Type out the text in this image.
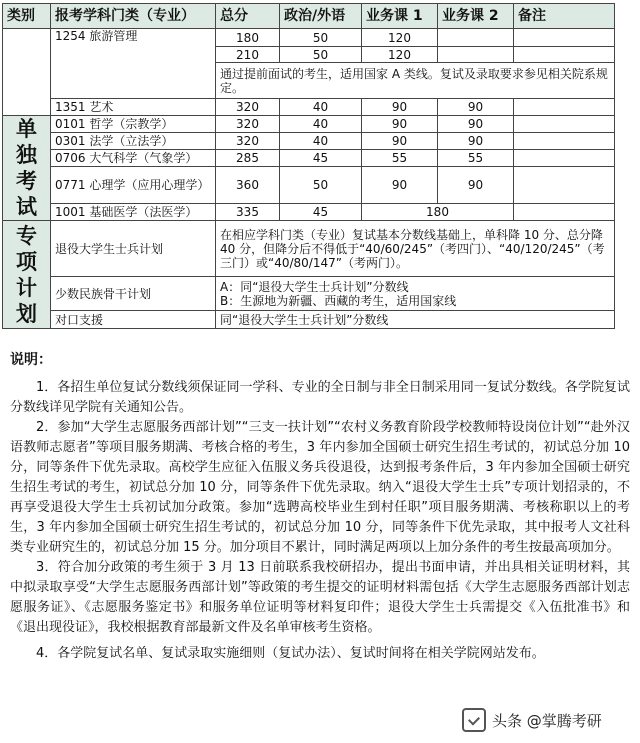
类别	报考学科门类（专业）	总分	政治/外语	业务课 1	业务课 2	备注
	1254 旅游管理	180	50	120		
		210	50	120		
		通过提前面试的考生，适用国家 A 类线。复试及录取要求参见相关院系规定。				
	1351 艺术	320	40	90	90	
单独考试	0101 哲学（宗教学）	320	40	90	90	
	0301 法学（立法学）	320	40	90	90	
	0706 大气科学（气象学）	285	45	55	55	
	0771 心理学（应用心理学）	360	50	90	90	
	1001 基础医学（法医学）	335	45	180		
专项计划	退役大学生士兵计划	在相应学科门类（专业）复试基本分数线基础上，单科降 10 分、总分降 40 分，但降分后不得低于“40/60/245”（考四门）、“40/120/245”（考三门）或“40/80/147”（考两门）。				
	少数民族骨干计划	A：同“退役大学生士兵计划”分数线
B：生源地为新疆、西藏的考生，适用国家线				

	对口支援	同“退役大学生士兵计划”分数线				
说明：

1．各招生单位复试分数线须保证同一学科、专业的全日制与非全日制采用同一复试分数线。各学院复试分数线详见学院有关通知公告。

2．参加“大学生志愿服务西部计划”“三支一扶计划”“农村义务教育阶段学校教师特设岗位计划”“赴外汉语教师志愿者”等项目服务期满、考核合格的考生，3 年内参加全国硕士研究生招生考试的，初试总分加 10 分，同等条件下优先录取。高校学生应征入伍服义务兵役退役，达到报考条件后，3 年内参加全国硕士研究生招生考试的考生，初试总分加 10 分，同等条件下优先录取。纳入“退役大学生士兵”专项计划招录的，不再享受退役大学生士兵初试加分政策。参加“选聘高校毕业生到村任职”项目服务期满、考核称职以上的考生，3 年内参加全国硕士研究生招生考试的，初试总分加 10 分，同等条件下优先录取，其中报考人文社科类专业研究生的，初试总分加 15 分。加分项目不累计，同时满足两项以上加分条件的考生按最高项加分。

3．符合加分政策的考生须于 3 月 13 日前联系我校研招办，提出书面申请，并出具相关证明材料，其中拟录取享受“大学生志愿服务西部计划”等政策的考生提交的证明材料需包括《大学生志愿服务西部计划志愿服务证》、《志愿服务鉴定书》和服务单位证明等材料复印件；退役大学生士兵需提交《入伍批准书》和《退出现役证》，我校根据教育部最新文件及名单审核考生资格。

4．各学院复试名单、复试录取实施细则（复试办法）、复试时间将在相关学院网站发布。

头条 @掌腾考研
